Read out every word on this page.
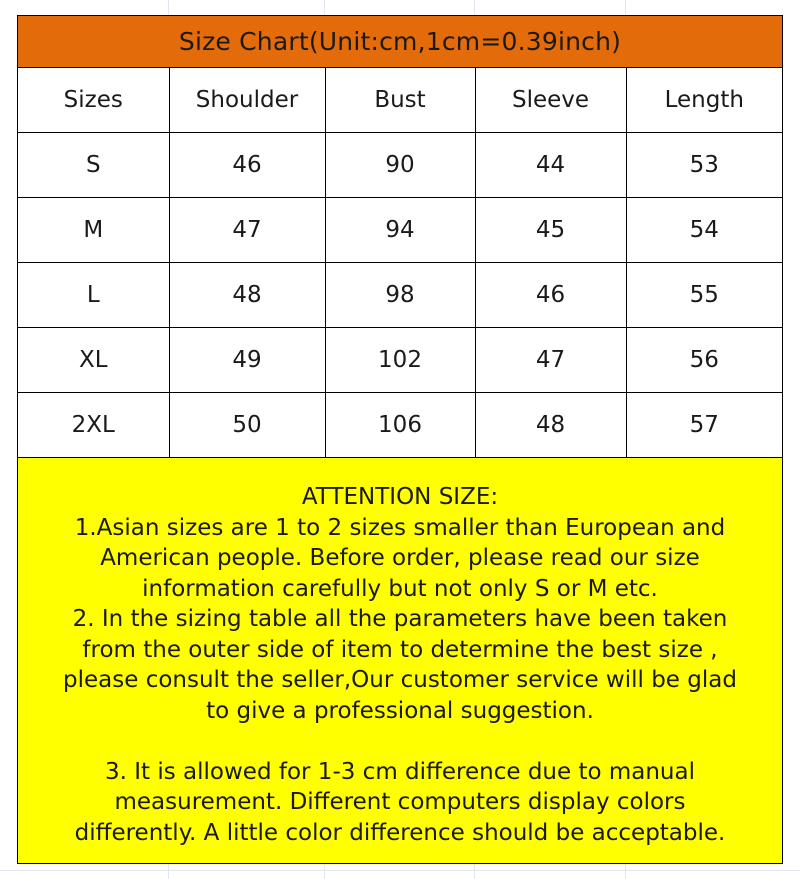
Size Chart(Unit:cm,1cm=0.39inch)
Sizes	Shoulder	Bust	Sleeve	Length
S	46	90	44	53
M	47	94	45	54
L	48	98	46	55
XL	49	102	47	56
2XL	50	106	48	57
ATTENTION SIZE:
1.Asian sizes are 1 to 2 sizes smaller than European and
American people. Before order, please read our size
information carefully but not only S or M etc.
2. In the sizing table all the parameters have been taken
from the outer side of item to determine the best size ,
please consult the seller,Our customer service will be glad
to give a professional suggestion.
3. It is allowed for 1-3 cm difference due to manual
measurement. Different computers display colors
differently. A little color difference should be acceptable.
